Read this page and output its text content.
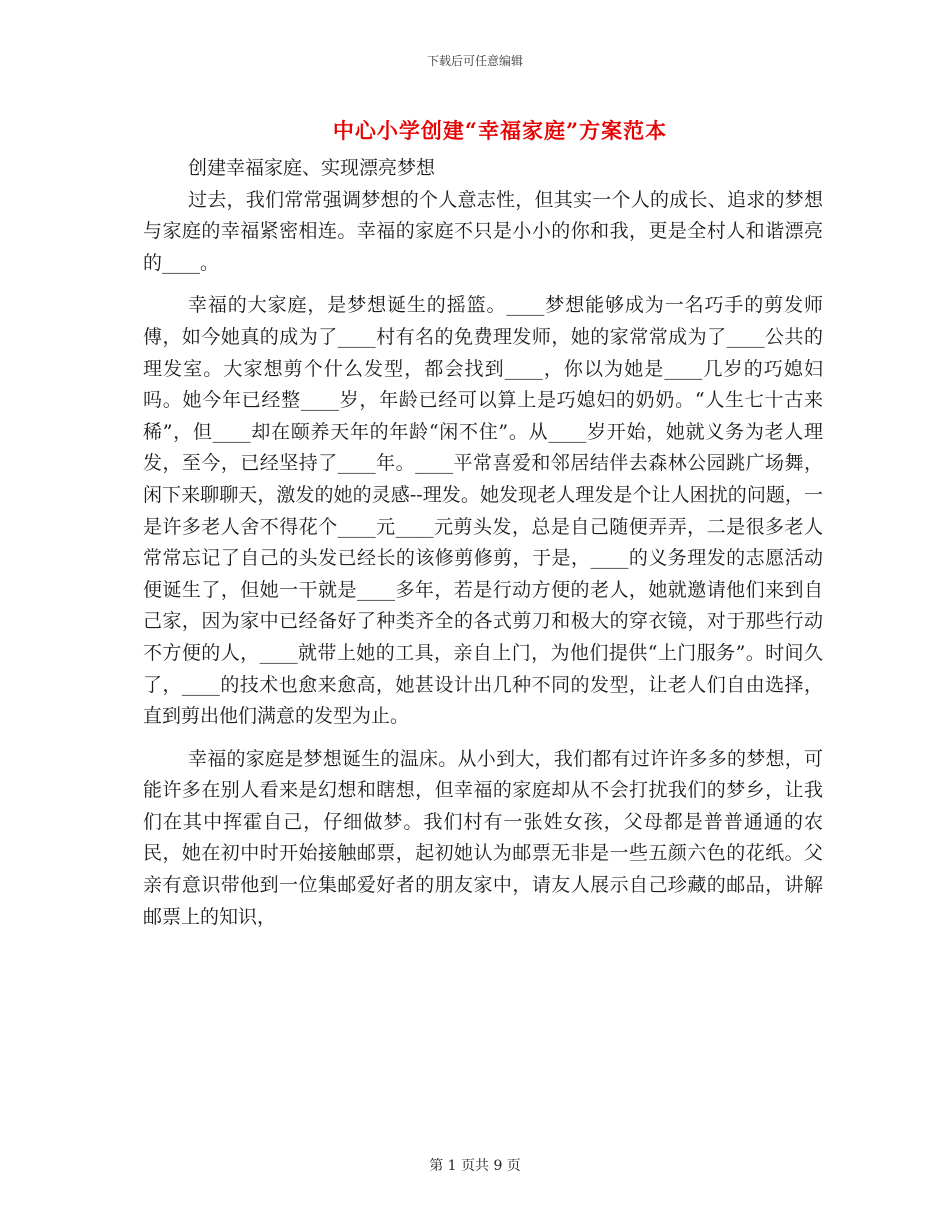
下载后可任意编辑
中心小学创建“幸福家庭”方案范本
创建幸福家庭、实现漂亮梦想

过去，我们常常强调梦想的个人意志性，但其实一个人的成长、追求的梦想与家庭的幸福紧密相连。幸福的家庭不只是小小的你和我，更是全村人和谐漂亮的____。

幸福的大家庭，是梦想诞生的摇篮。____梦想能够成为一名巧手的剪发师傅，如今她真的成为了____村有名的免费理发师，她的家常常成为了____公共的理发室。大家想剪个什么发型，都会找到____，你以为她是____几岁的巧媳妇吗。她今年已经整____岁，年龄已经可以算上是巧媳妇的奶奶。“人生七十古来稀”，但____却在颐养天年的年龄“闲不住”。从____岁开始，她就义务为老人理发，至今，已经坚持了____年。____平常喜爱和邻居结伴去森林公园跳广场舞，闲下来聊聊天，激发的她的灵感--理发。她发现老人理发是个让人困扰的问题，一是许多老人舍不得花个____元____元剪头发，总是自己随便弄弄，二是很多老人常常忘记了自己的头发已经长的该修剪修剪，于是，____的义务理发的志愿活动便诞生了，但她一干就是____多年，若是行动方便的老人，她就邀请他们来到自己家，因为家中已经备好了种类齐全的各式剪刀和极大的穿衣镜，对于那些行动不方便的人，____就带上她的工具，亲自上门，为他们提供“上门服务”。时间久了，____的技术也愈来愈高，她甚设计出几种不同的发型，让老人们自由选择，直到剪出他们满意的发型为止。

幸福的家庭是梦想诞生的温床。从小到大，我们都有过许许多多的梦想，可能许多在别人看来是幻想和瞎想，但幸福的家庭却从不会打扰我们的梦乡，让我们在其中挥霍自己，仔细做梦。我们村有一张姓女孩，父母都是普普通通的农民，她在初中时开始接触邮票，起初她认为邮票无非是一些五颜六色的花纸。父亲有意识带他到一位集邮爱好者的朋友家中，请友人展示自己珍藏的邮品，讲解邮票上的知识，

第 1 页共 9 页
